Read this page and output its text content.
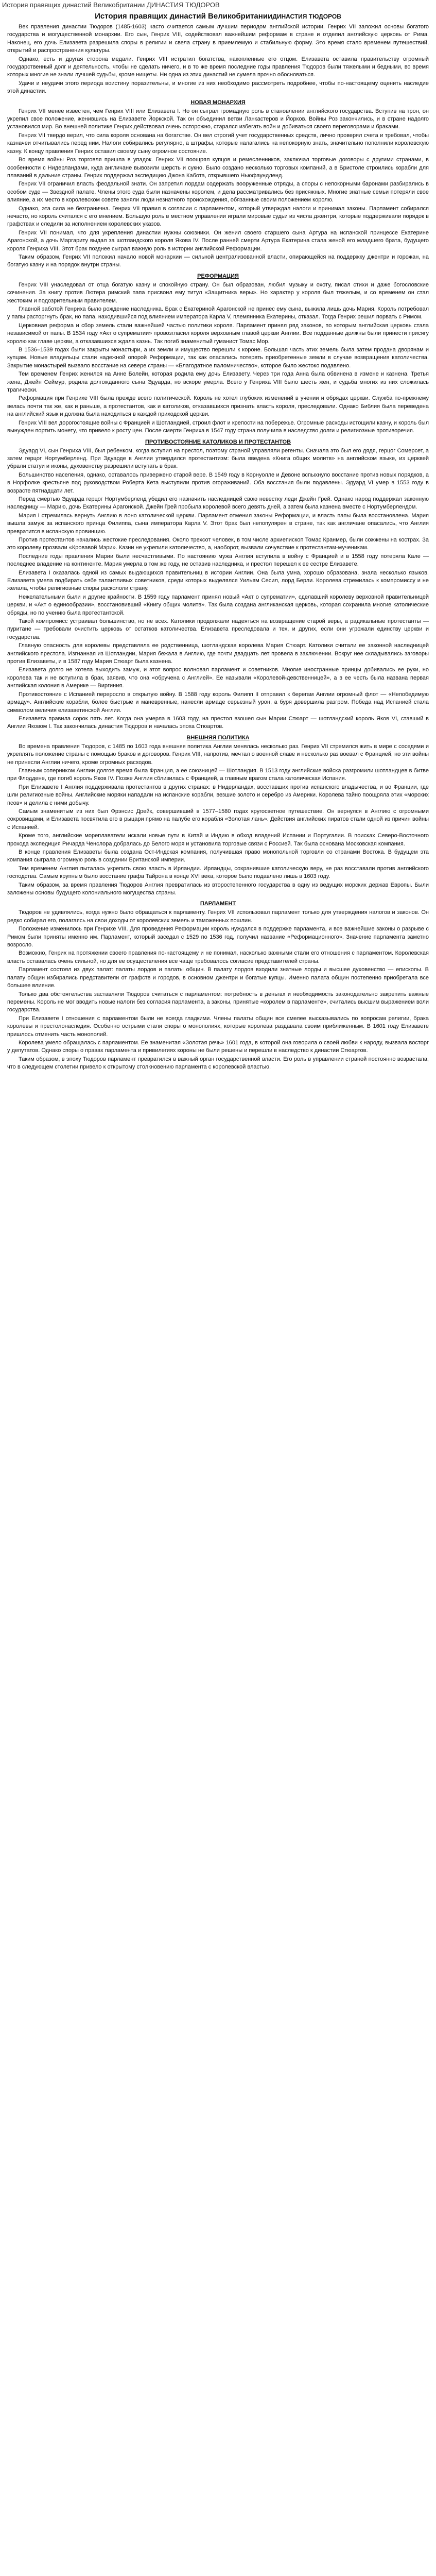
История правящих династий Великобритании ДИНАСТИЯ ТЮДОРОВ
История правящих династий ВеликобританииДИНАСТИЯ ТЮДОРОВ

Век правления династии Тюдоров (1485-1603) часто считается самым лучшим периодом английской истории. Генрих VII заложил основы богатого государства и могущественной монархии. Его сын, Генрих VIII, содействовал важнейшим реформам в стране и отделил английскую церковь от Рима. Наконец, его дочь Елизавета разрешила споры в религии и свела страну в приемлемую и стабильную форму. Это время стало временем путешествий, открытий и распространения культуры.

Однако, есть и другая сторона медали. Генрих VIII истратил богатства, накопленные его отцом. Елизавета оставила правительству огромный государственный долг и деятельность, чтобы не сделать ничего, и в то же время последние годы правления Тюдоров были тяжелыми и бедными, во время которых многие не знали лучшей судьбы, кроме нищеты. Ни одна из этих династий не сумела прочно обосноваться.

Удачи и неудачи этого периода воистину поразительны, и многие из них необходимо рассмотреть подробнее, чтобы по-настоящему оценить наследие этой династии.

НОВАЯ МОНАРХИЯ

Генрих VII менее известен, чем Генрих VIII или Елизавета I. Но он сыграл громадную роль в становлении английского государства. Вступив на трон, он укрепил свое положение, женившись на Елизавете Йоркской. Так он объединил ветви Ланкастеров и Йорков. Войны Роз закончились, и в стране надолго установился мир. Во внешней политике Генрих действовал очень осторожно, старался избегать войн и добиваться своего переговорами и браками.

Генрих VII твердо верил, что сила короля основана на богатстве. Он вел строгий учет государственных средств, лично проверял счета и требовал, чтобы казначеи отчитывались перед ним. Налоги собирались регулярно, а штрафы, которые налагались на непокорную знать, значительно пополнили королевскую казну. К концу правления Генрих оставил своему сыну огромное состояние.

Во время войны Роз торговля пришла в упадок. Генрих VII поощрял купцов и ремесленников, заключал торговые договоры с другими странами, в особенности с Нидерландами, куда англичане вывозили шерсть и сукно. Было создано несколько торговых компаний, а в Бристоле строились корабли для плаваний в дальние страны. Генрих поддержал экспедицию Джона Кабота, открывшего Ньюфаундленд.

Генрих VII ограничил власть феодальной знати. Он запретил лордам содержать вооруженные отряды, а споры с непокорными баронами разбирались в особом суде — Звездной палате. Члены этого суда были назначены королем, и дела рассматривались без присяжных. Многие знатные семьи потеряли свое влияние, а их место в королевском совете заняли люди незнатного происхождения, обязанные своим положением королю.

Однако, эта сила не безгранична. Генрих VII правил в согласии с парламентом, который утверждал налоги и принимал законы. Парламент собирался нечасто, но король считался с его мнением. Большую роль в местном управлении играли мировые судьи из числа джентри, которые поддерживали порядок в графствах и следили за исполнением королевских указов.

Генрих VII понимал, что для укрепления династии нужны союзники. Он женил своего старшего сына Артура на испанской принцессе Екатерине Арагонской, а дочь Маргариту выдал за шотландского короля Якова IV. После ранней смерти Артура Екатерина стала женой его младшего брата, будущего короля Генриха VIII. Этот брак позднее сыграл важную роль в истории английской Реформации.

Таким образом, Генрих VII положил начало новой монархии — сильной централизованной власти, опирающейся на поддержку джентри и горожан, на богатую казну и на порядок внутри страны.

РЕФОРМАЦИЯ

Генрих VIII унаследовал от отца богатую казну и спокойную страну. Он был образован, любил музыку и охоту, писал стихи и даже богословские сочинения. За книгу против Лютера римский папа присвоил ему титул «Защитника веры». Но характер у короля был тяжелым, и со временем он стал жестоким и подозрительным правителем.

Главной заботой Генриха было рождение наследника. Брак с Екатериной Арагонской не принес ему сына, выжила лишь дочь Мария. Король потребовал у папы расторгнуть брак, но папа, находившийся под влиянием императора Карла V, племянника Екатерины, отказал. Тогда Генрих решил порвать с Римом.

Церковная реформа и сбор земель стали важнейшей частью политики короля. Парламент принял ряд законов, по которым английская церковь стала независимой от папы. В 1534 году «Акт о супрематии» провозгласил короля верховным главой церкви Англии. Все подданные должны были принести присягу королю как главе церкви, а отказавшихся ждала казнь. Так погиб знаменитый гуманист Томас Мор.

В 1536–1539 годах были закрыты монастыри, а их земли и имущество перешли к короне. Большая часть этих земель была затем продана дворянам и купцам. Новые владельцы стали надежной опорой Реформации, так как опасались потерять приобретенные земли в случае возвращения католичества. Закрытие монастырей вызвало восстание на севере страны — «Благодатное паломничество», которое было жестоко подавлено.

Тем временем Генрих женился на Анне Болейн, которая родила ему дочь Елизавету. Через три года Анна была обвинена в измене и казнена. Третья жена, Джейн Сеймур, родила долгожданного сына Эдуарда, но вскоре умерла. Всего у Генриха VIII было шесть жен, и судьба многих из них сложилась трагически.

Реформация при Генрихе VIII была прежде всего политической. Король не хотел глубоких изменений в учении и обрядах церкви. Служба по-прежнему велась почти так же, как и раньше, а протестантов, как и католиков, отказавшихся признать власть короля, преследовали. Однако Библия была переведена на английский язык и должна была находиться в каждой приходской церкви.

Генрих VIII вел дорогостоящие войны с Францией и Шотландией, строил флот и крепости на побережье. Огромные расходы истощили казну, и король был вынужден портить монету, что привело к росту цен. После смерти Генриха в 1547 году страна получила в наследство долги и религиозные противоречия.

ПРОТИВОСТОЯНИЕ КАТОЛИКОВ И ПРОТЕСТАНТОВ

Эдуард VI, сын Генриха VIII, был ребенком, когда вступил на престол, поэтому страной управляли регенты. Сначала это был его дядя, герцог Сомерсет, а затем герцог Нортумберленд. При Эдуарде в Англии утвердился протестантизм: была введена «Книга общих молитв» на английском языке, из церквей убрали статуи и иконы, духовенству разрешили вступать в брак.

Большинство населения, однако, оставалось привержено старой вере. В 1549 году в Корнуолле и Девоне вспыхнуло восстание против новых порядков, а в Норфолке крестьяне под руководством Роберта Кета выступили против огораживаний. Оба восстания были подавлены. Эдуард VI умер в 1553 году в возрасте пятнадцати лет.

Перед смертью Эдуарда герцог Нортумберленд убедил его назначить наследницей свою невестку леди Джейн Грей. Однако народ поддержал законную наследницу — Марию, дочь Екатерины Арагонской. Джейн Грей пробыла королевой всего девять дней, а затем была казнена вместе с Нортумберлендом.

Мария I стремилась вернуть Англию в лоно католической церкви. Парламент отменил законы Реформации, и власть папы была восстановлена. Мария вышла замуж за испанского принца Филиппа, сына императора Карла V. Этот брак был непопулярен в стране, так как англичане опасались, что Англия превратится в испанскую провинцию.

Против протестантов начались жестокие преследования. Около трехсот человек, в том числе архиепископ Томас Кранмер, были сожжены на кострах. За это королеву прозвали «Кровавой Мэри». Казни не укрепили католичество, а, наоборот, вызвали сочувствие к протестантам-мученикам.

Последние годы правления Марии были несчастливыми. По настоянию мужа Англия вступила в войну с Францией и в 1558 году потеряла Кале — последнее владение на континенте. Мария умерла в том же году, не оставив наследника, и престол перешел к ее сестре Елизавете.

Елизавета I оказалась одной из самых выдающихся правительниц в истории Англии. Она была умна, хорошо образована, знала несколько языков. Елизавета умела подбирать себе талантливых советников, среди которых выделялся Уильям Сесил, лорд Берли. Королева стремилась к компромиссу и не желала, чтобы религиозные споры раскололи страну.

Нежелательными были и другие крайности. В 1559 году парламент принял новый «Акт о супрематии», сделавший королеву верховной правительницей церкви, и «Акт о единообразии», восстановивший «Книгу общих молитв». Так была создана англиканская церковь, которая сохранила многие католические обряды, но по учению была протестантской.

Такой компромисс устраивал большинство, но не всех. Католики продолжали надеяться на возвращение старой веры, а радикальные протестанты — пуритане — требовали очистить церковь от остатков католичества. Елизавета преследовала и тех, и других, если они угрожали единству церкви и государства.

Главную опасность для королевы представляла ее родственница, шотландская королева Мария Стюарт. Католики считали ее законной наследницей английского престола. Изгнанная из Шотландии, Мария бежала в Англию, где почти двадцать лет провела в заключении. Вокруг нее складывались заговоры против Елизаветы, и в 1587 году Мария Стюарт была казнена.

Елизавета долго не хотела выходить замуж, и этот вопрос волновал парламент и советников. Многие иностранные принцы добивались ее руки, но королева так и не вступила в брак, заявив, что она «обручена с Англией». Ее называли «Королевой-девственницей», а в ее честь была названа первая английская колония в Америке — Виргиния.

Противостояние с Испанией переросло в открытую войну. В 1588 году король Филипп II отправил к берегам Англии огромный флот — «Непобедимую армаду». Английские корабли, более быстрые и маневренные, нанесли армаде серьезный урон, а буря довершила разгром. Победа над Испанией стала символом величия елизаветинской Англии.

Елизавета правила сорок пять лет. Когда она умерла в 1603 году, на престол взошел сын Марии Стюарт — шотландский король Яков VI, ставший в Англии Яковом I. Так закончилась династия Тюдоров и началась эпоха Стюартов.

ВНЕШНЯЯ ПОЛИТИКА

Во времена правления Тюдоров, с 1485 по 1603 года внешняя политика Англии менялась несколько раз. Генрих VII стремился жить в мире с соседями и укреплять положение страны с помощью браков и договоров. Генрих VIII, напротив, мечтал о военной славе и несколько раз воевал с Францией, но эти войны не принесли Англии ничего, кроме огромных расходов.

Главным соперником Англии долгое время была Франция, а ее союзницей — Шотландия. В 1513 году английские войска разгромили шотландцев в битве при Флоддене, где погиб король Яков IV. Позже Англия сблизилась с Францией, а главным врагом стала католическая Испания.

При Елизавете I Англия поддерживала протестантов в других странах: в Нидерландах, восставших против испанского владычества, и во Франции, где шли религиозные войны. Английские моряки нападали на испанские корабли, везшие золото и серебро из Америки. Королева тайно поощряла этих «морских псов» и делила с ними добычу.

Самым знаменитым из них был Фрэнсис Дрейк, совершивший в 1577–1580 годах кругосветное путешествие. Он вернулся в Англию с огромными сокровищами, и Елизавета посвятила его в рыцари прямо на палубе его корабля «Золотая лань». Действия английских пиратов стали одной из причин войны с Испанией.

Кроме того, английские мореплаватели искали новые пути в Китай и Индию в обход владений Испании и Португалии. В поисках Северо-Восточного прохода экспедиция Ричарда Ченслора добралась до Белого моря и установила торговые связи с Россией. Так была основана Московская компания.

В конце правления Елизаветы была создана Ост-Индская компания, получившая право монопольной торговли со странами Востока. В будущем эта компания сыграла огромную роль в создании Британской империи.

Тем временем Англия пыталась укрепить свою власть в Ирландии. Ирландцы, сохранившие католическую веру, не раз восставали против английского господства. Самым крупным было восстание графа Тайрона в конце XVI века, которое было подавлено лишь в 1603 году.

Таким образом, за время правления Тюдоров Англия превратилась из второстепенного государства в одну из ведущих морских держав Европы. Были заложены основы будущего колониального могущества страны.

ПАРЛАМЕНТ

Тюдоров не удивлялись, когда нужно было обращаться к парламенту. Генрих VII использовал парламент только для утверждения налогов и законов. Он редко собирал его, полагаясь на свои доходы от королевских земель и таможенных пошлин.

Положение изменилось при Генрихе VIII. Для проведения Реформации король нуждался в поддержке парламента, и все важнейшие законы о разрыве с Римом были приняты именно им. Парламент, который заседал с 1529 по 1536 год, получил название «Реформационного». Значение парламента заметно возросло.

Возможно, Генрих на протяжении своего правления по-настоящему и не понимал, насколько важными стали его отношения с парламентом. Королевская власть оставалась очень сильной, но для ее осуществления все чаще требовалось согласие представителей страны.

Парламент состоял из двух палат: палаты лордов и палаты общин. В палату лордов входили знатные лорды и высшее духовенство — епископы. В палату общин избирались представители от графств и городов, в основном джентри и богатые купцы. Именно палата общин постепенно приобретала все большее влияние.

Только два обстоятельства заставляли Тюдоров считаться с парламентом: потребность в деньгах и необходимость законодательно закрепить важные перемены. Король не мог вводить новые налоги без согласия парламента, а законы, принятые «королем в парламенте», считались высшим выражением воли государства.

При Елизавете I отношения с парламентом были не всегда гладкими. Члены палаты общин все смелее высказывались по вопросам религии, брака королевы и престолонаследия. Особенно острыми стали споры о монополиях, которые королева раздавала своим приближенным. В 1601 году Елизавете пришлось отменить часть монополий.

Королева умело обращалась с парламентом. Ее знаменитая «Золотая речь» 1601 года, в которой она говорила о своей любви к народу, вызвала восторг у депутатов. Однако споры о правах парламента и привилегиях короны не были решены и перешли в наследство к династии Стюартов.

Таким образом, в эпоху Тюдоров парламент превратился в важный орган государственной власти. Его роль в управлении страной постоянно возрастала, что в следующем столетии привело к открытому столкновению парламента с королевской властью.
